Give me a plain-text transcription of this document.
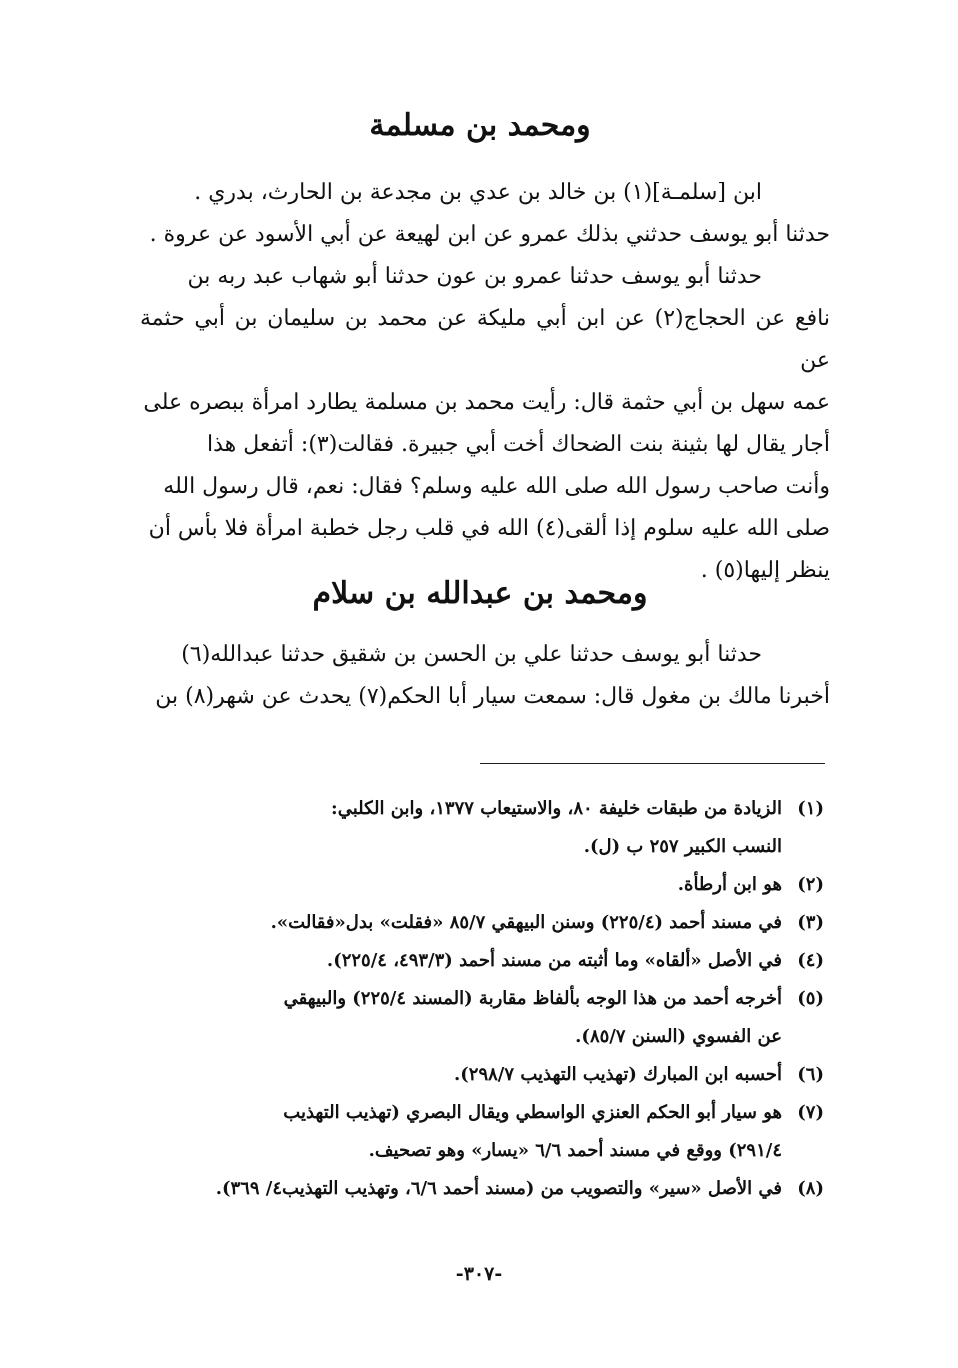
ومحمد بن مسلمة

ابن [سلمـة](١) بن خالد بن عدي بن مجدعة بن الحارث، بدري .

حدثنا أبو يوسف حدثني بذلك عمرو عن ابن لهيعة عن أبي الأسود عن عروة .

حدثنا أبو يوسف حدثنا عمرو بن عون حدثنا أبو شهاب عبد ربه بن

نافع عن الحجاج(٢) عن ابن أبي مليكة عن محمد بن سليمان بن أبي حثمة عن

عمه سهل بن أبي حثمة قال: رأيت محمد بن مسلمة يطارد امرأة ببصره على

أجار يقال لها بثينة بنت الضحاك أخت أبي جبيرة. فقالت(٣): أتفعل هذا

وأنت صاحب رسول الله صلى الله عليه وسلم؟ فقال: نعم، قال رسول الله

صلى الله عليه سلوم إذا ألقى(٤) الله في قلب رجل خطبة امرأة فلا بأس أن

ينظر إليها(٥) .

ومحمد بن عبدالله بن سلام

حدثنا أبو يوسف حدثنا علي بن الحسن بن شقيق حدثنا عبدالله(٦)

أخبرنا مالك بن مغول قال: سمعت سيار أبا الحكم(٧) يحدث عن شهر(٨) بن

(١)
الزيادة من طبقات خليفة ٨٠، والاستيعاب ١٣٧٧، وابن الكلبي:
النسب الكبير ٢٥٧ ب (ل).
(٢)
هو ابن أرطأة.
(٣)
في مسند أحمد (٢٢٥/٤) وسنن البيهقي ٨٥/٧ «فقلت» بدل«فقالت».
(٤)
في الأصل «ألقاه» وما أثبته من مسند أحمد (٤٩٣/٣، ٢٢٥/٤).
(٥)
أخرجه أحمد من هذا الوجه بألفاظ مقاربة (المسند ٢٢٥/٤) والبيهقي
عن الفسوي (السنن ٨٥/٧).
(٦)
أحسبه ابن المبارك (تهذيب التهذيب ٢٩٨/٧).
(٧)
هو سيار أبو الحكم العنزي الواسطي ويقال البصري (تهذيب التهذيب
٢٩١/٤) ووقع في مسند أحمد ٦/٦ «يسار» وهو تصحيف.
(٨)
في الأصل «سير» والتصويب من (مسند أحمد ٦/٦، وتهذيب التهذيب٤/ ٣٦٩).
-٣٠٧-
